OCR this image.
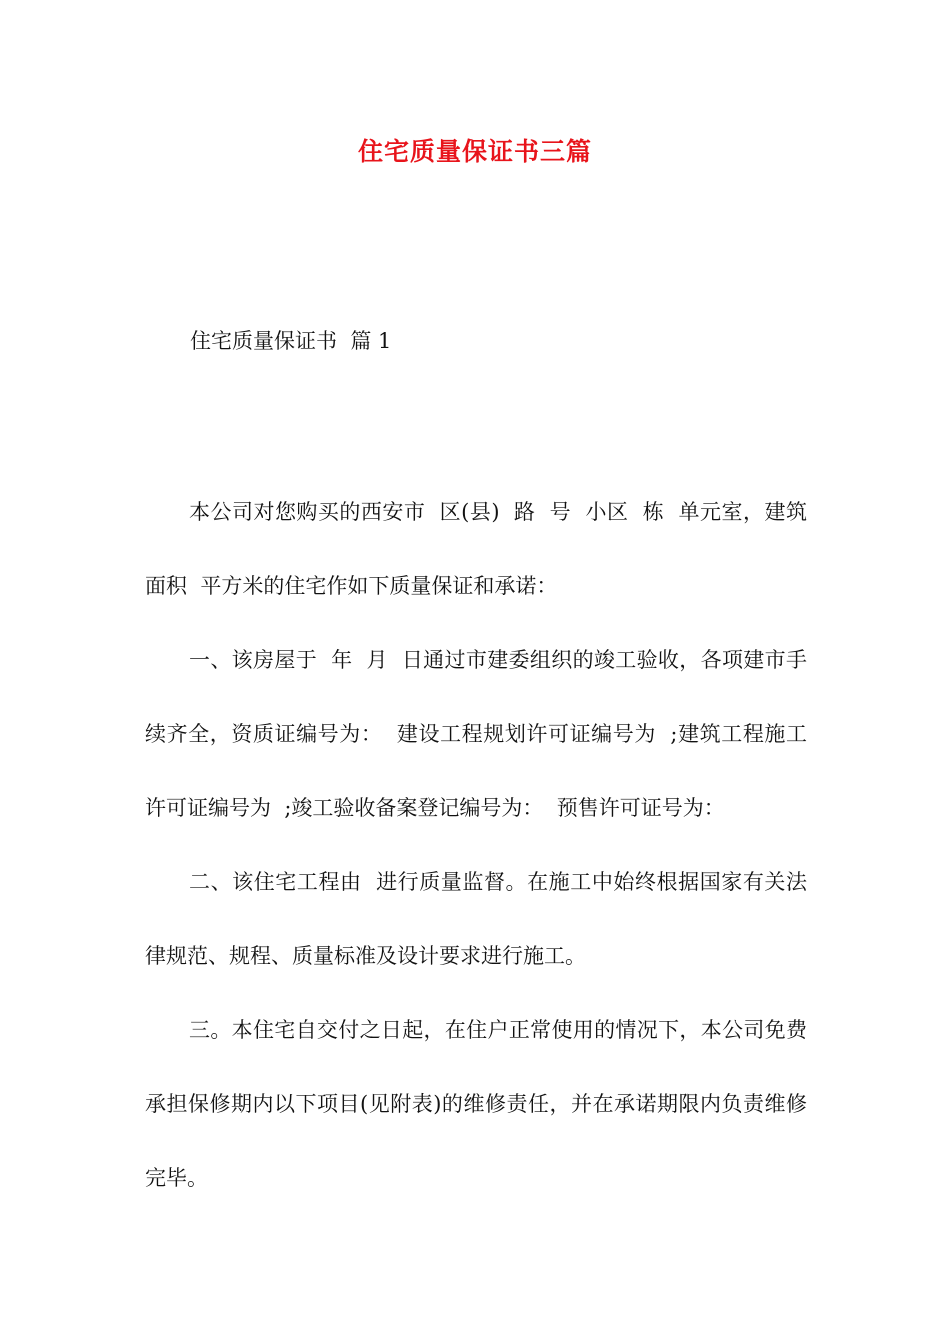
住宅质量保证书三篇

住宅质量保证书  篇 1

本公司对您购买的西安市  区(县)  路  号  小区  栋  单元室，建筑面积  平方米的住宅作如下质量保证和承诺：

一、该房屋于  年  月  日通过市建委组织的竣工验收，各项建市手续齐全，资质证编号为：  建设工程规划许可证编号为  ;建筑工程施工许可证编号为  ;竣工验收备案登记编号为：  预售许可证号为：

二、该住宅工程由  进行质量监督。在施工中始终根据国家有关法律规范、规程、质量标准及设计要求进行施工。

三。本住宅自交付之日起，在住户正常使用的情况下，本公司免费承担保修期内以下项目(见附表)的维修责任，并在承诺期限内负责维修完毕。
